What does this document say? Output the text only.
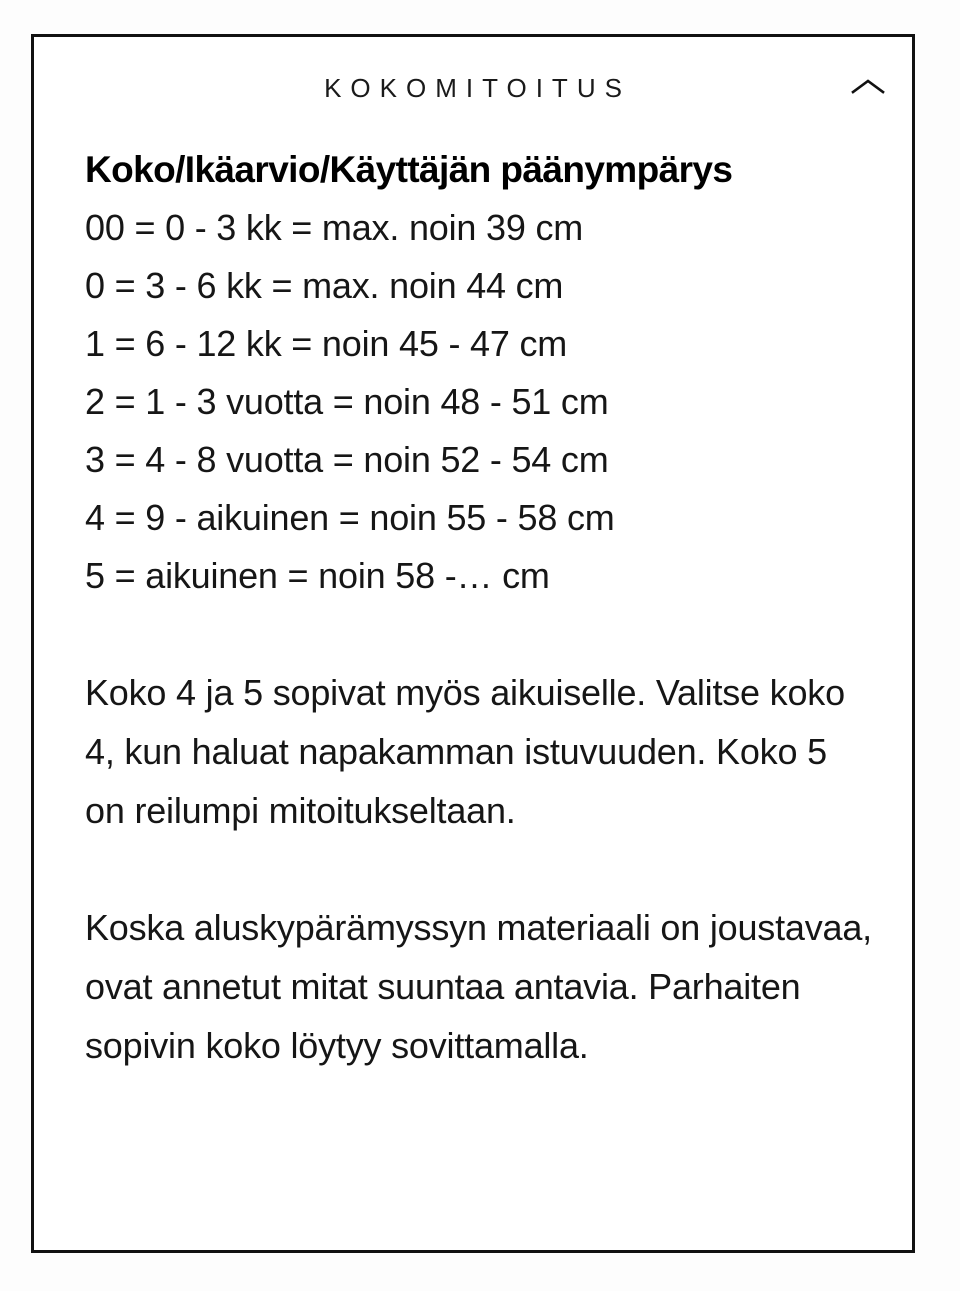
KOKOMITOITUS
Koko/Ikäarvio/Käyttäjän päänympärys
00 = 0 - 3 kk = max. noin 39 cm
0 = 3 - 6 kk = max. noin 44 cm
1 = 6 - 12 kk = noin 45 - 47 cm
2 = 1 - 3 vuotta = noin 48 - 51 cm
3 = 4 - 8 vuotta = noin 52 - 54 cm
4 = 9 - aikuinen = noin 55 - 58 cm
5 = aikuinen = noin 58 -… cm

Koko 4 ja 5 sopivat myös aikuiselle. Valitse koko 4, kun haluat napakamman istuvuuden. Koko 5 on reilumpi mitoitukseltaan.

Koska aluskypärämyssyn materiaali on joustavaa, ovat annetut mitat suuntaa antavia. Parhaiten sopivin koko löytyy sovittamalla.
